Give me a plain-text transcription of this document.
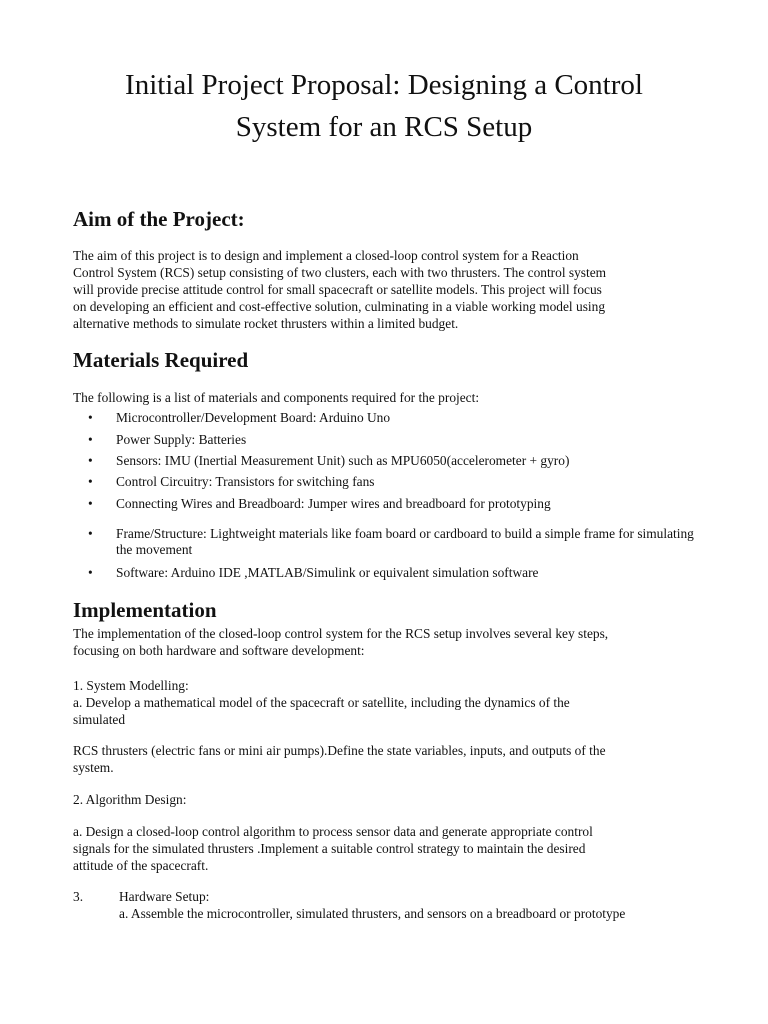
Initial Project Proposal: Designing a Control
System for an RCS Setup
Aim of the Project:
The aim of this project is to design and implement a closed-loop control system for a Reaction
Control System (RCS) setup consisting of two clusters, each with two thrusters. The control system
will provide precise attitude control for small spacecraft or satellite models. This project will focus
on developing an efficient and cost-effective solution, culminating in a viable working model using
alternative methods to simulate rocket thrusters within a limited budget.
Materials Required
The following is a list of materials and components required for the project:
•	Microcontroller/Development Board: Arduino Uno
•	Power Supply: Batteries
•	Sensors: IMU (Inertial Measurement Unit) such as MPU6050(accelerometer + gyro)
•	Control Circuitry: Transistors for switching fans
•	Connecting Wires and Breadboard: Jumper wires and breadboard for prototyping
•	Frame/Structure: Lightweight materials like foam board or cardboard to build a simple frame for simulating the movement
•	Software: Arduino IDE ,MATLAB/Simulink or equivalent simulation software
Implementation
The implementation of the closed-loop control system for the RCS setup involves several key steps,
focusing on both hardware and software development:
1. System Modelling:
a. Develop a mathematical model of the spacecraft or satellite, including the dynamics of the
simulated
RCS thrusters (electric fans or mini air pumps).Define the state variables, inputs, and outputs of the
system.
2. Algorithm Design:
a. Design a closed-loop control algorithm to process sensor data and generate appropriate control
signals for the simulated thrusters .Implement a suitable control strategy to maintain the desired
attitude of the spacecraft.
3.	Hardware Setup:
a. Assemble the microcontroller, simulated thrusters, and sensors on a breadboard or prototype
